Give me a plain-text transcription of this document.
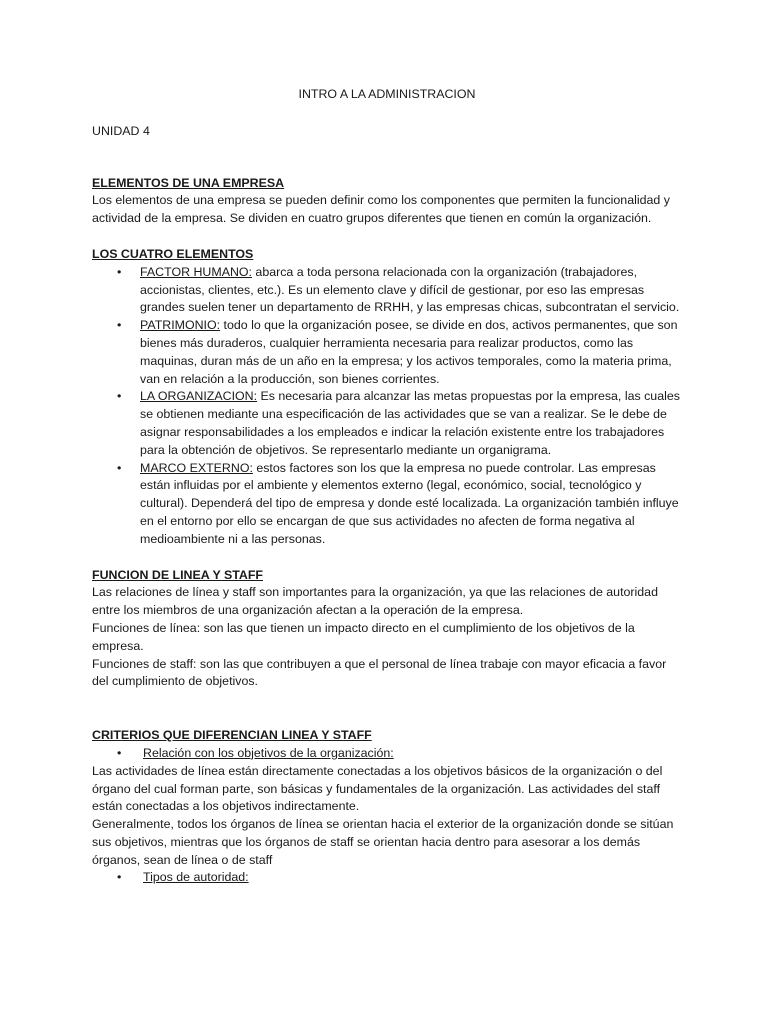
INTRO A LA ADMINISTRACION

UNIDAD 4

ELEMENTOS DE UNA EMPRESA

Los elementos de una empresa se pueden definir como los componentes que permiten la funcionalidad y actividad de la empresa. Se dividen en cuatro grupos diferentes que tienen en común la organización.

LOS CUATRO ELEMENTOS

• FACTOR HUMANO: abarca a toda persona relacionada con la organización (trabajadores, accionistas, clientes, etc.). Es un elemento clave y difícil de gestionar, por eso las empresas grandes suelen tener un departamento de RRHH, y las empresas chicas, subcontratan el servicio.
• PATRIMONIO: todo lo que la organización posee, se divide en dos, activos permanentes, que son bienes más duraderos, cualquier herramienta necesaria para realizar productos, como las maquinas, duran más de un año en la empresa; y los activos temporales, como la materia prima, van en relación a la producción, son bienes corrientes.
• LA ORGANIZACION: Es necesaria para alcanzar las metas propuestas por la empresa, las cuales se obtienen mediante una especificación de las actividades que se van a realizar. Se le debe de asignar responsabilidades a los empleados e indicar la relación existente entre los trabajadores para la obtención de objetivos. Se representarlo mediante un organigrama.
• MARCO EXTERNO: estos factores son los que la empresa no puede controlar. Las empresas están influidas por el ambiente y elementos externo (legal, económico, social, tecnológico y cultural). Dependerá del tipo de empresa y donde esté localizada. La organización también influye en el entorno por ello se encargan de que sus actividades no afecten de forma negativa al medioambiente ni a las personas.

FUNCION DE LINEA Y STAFF

Las relaciones de línea y staff son importantes para la organización, ya que las relaciones de autoridad entre los miembros de una organización afectan a la operación de la empresa.

Funciones de línea: son las que tienen un impacto directo en el cumplimiento de los objetivos de la empresa.

Funciones de staff: son las que contribuyen a que el personal de línea trabaje con mayor eficacia a favor del cumplimiento de objetivos.

CRITERIOS QUE DIFERENCIAN LINEA Y STAFF

• Relación con los objetivos de la organización:

Las actividades de línea están directamente conectadas a los objetivos básicos de la organización o del órgano del cual forman parte, son básicas y fundamentales de la organización. Las actividades del staff están conectadas a los objetivos indirectamente.

Generalmente, todos los órganos de línea se orientan hacia el exterior de la organización donde se sitúan sus objetivos, mientras que los órganos de staff se orientan hacia dentro para asesorar a los demás órganos, sean de línea o de staff

• Tipos de autoridad:
